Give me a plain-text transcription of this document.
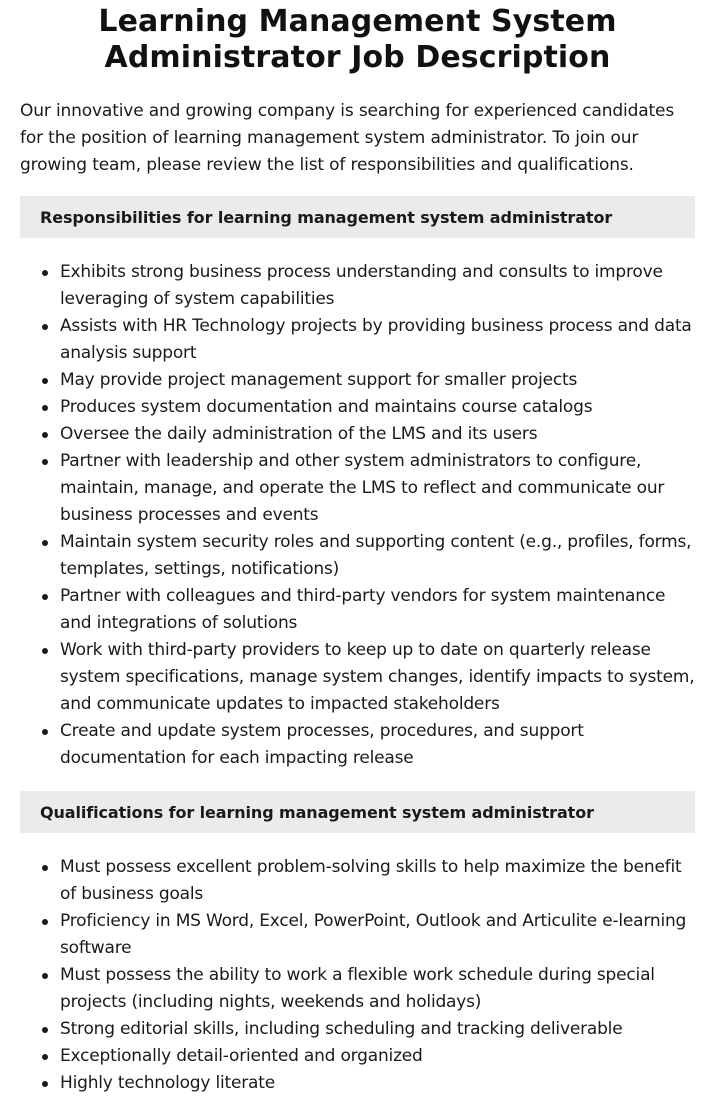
Learning Management System Administrator Job Description

Our innovative and growing company is searching for experienced candidates for the position of learning management system administrator. To join our growing team, please review the list of responsibilities and qualifications.

Responsibilities for learning management system administrator
Exhibits strong business process understanding and consults to improve leveraging of system capabilities
Assists with HR Technology projects by providing business process and data analysis support
May provide project management support for smaller projects
Produces system documentation and maintains course catalogs
Oversee the daily administration of the LMS and its users
Partner with leadership and other system administrators to configure, maintain, manage, and operate the LMS to reflect and communicate our business processes and events
Maintain system security roles and supporting content (e.g., profiles, forms, templates, settings, notifications)
Partner with colleagues and third-party vendors for system maintenance and integrations of solutions
Work with third-party providers to keep up to date on quarterly release system specifications, manage system changes, identify impacts to system, and communicate updates to impacted stakeholders
Create and update system processes, procedures, and support documentation for each impacting release
Qualifications for learning management system administrator
Must possess excellent problem-solving skills to help maximize the benefit of business goals
Proficiency in MS Word, Excel, PowerPoint, Outlook and Articulite e-learning software
Must possess the ability to work a flexible work schedule during special projects (including nights, weekends and holidays)
Strong editorial skills, including scheduling and tracking deliverable
Exceptionally detail-oriented and organized
Highly technology literate
